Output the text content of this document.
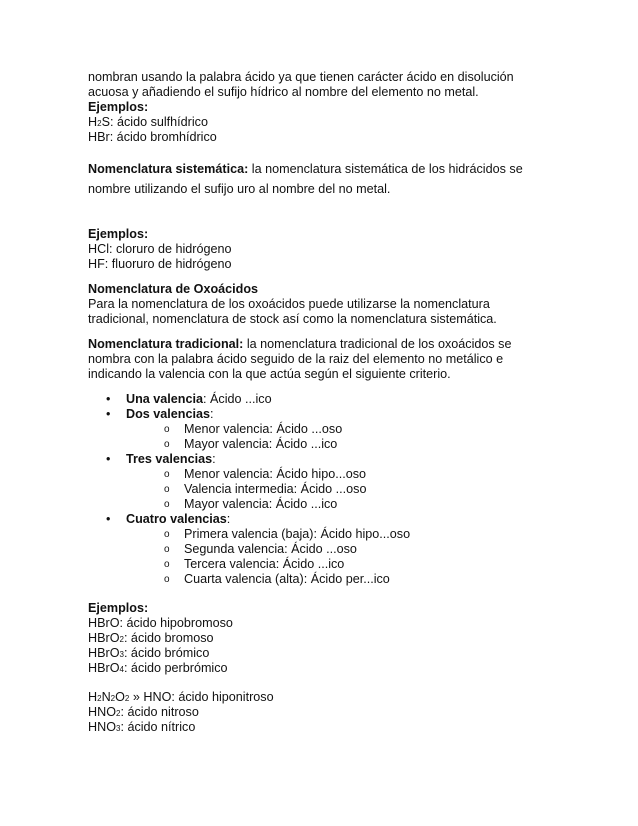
nombran usando la palabra ácido ya que tienen carácter ácido en disolución

acuosa y añadiendo el sufijo hídrico al nombre del elemento no metal.

Ejemplos:

H2S: ácido sulfhídrico

HBr: ácido bromhídrico

Nomenclatura sistemática: la nomenclatura sistemática de los hidrácidos se

nombre utilizando el sufijo uro al nombre del no metal.

Ejemplos:

HCl: cloruro de hidrógeno

HF: fluoruro de hidrógeno

Nomenclatura de Oxoácidos

Para la nomenclatura de los oxoácidos puede utilizarse la nomenclatura

tradicional, nomenclatura de stock así como la nomenclatura sistemática.

Nomenclatura tradicional: la nomenclatura tradicional de los oxoácidos se

nombra con la palabra ácido seguido de la raiz del elemento no metálico e

indicando la valencia con la que actúa según el siguiente criterio.

• Una valencia: Ácido ...ico
• Dos valencias:
o Menor valencia: Ácido ...oso
o Mayor valencia: Ácido ...ico
• Tres valencias:
o Menor valencia: Ácido hipo...oso
o Valencia intermedia: Ácido ...oso
o Mayor valencia: Ácido ...ico
• Cuatro valencias:
o Primera valencia (baja): Ácido hipo...oso
o Segunda valencia: Ácido ...oso
o Tercera valencia: Ácido ...ico
o Cuarta valencia (alta): Ácido per...ico

Ejemplos:

HBrO: ácido hipobromoso

HBrO2: ácido bromoso

HBrO3: ácido brómico

HBrO4: ácido perbrómico

H2N2O2 » HNO: ácido hiponitroso

HNO2: ácido nitroso

HNO3: ácido nítrico
